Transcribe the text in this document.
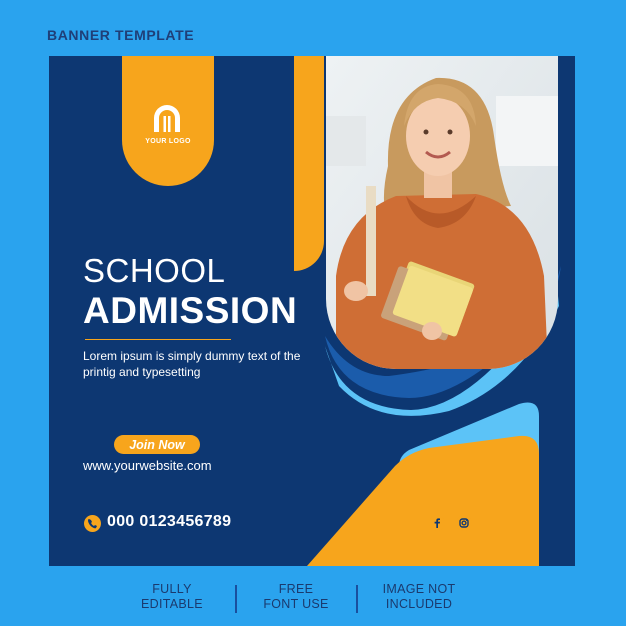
BANNER TEMPLATE
YOUR LOGO
SCHOOL
ADMISSION
Lorem ipsum is simply dummy text of the printig and typesetting
Join Now
www.yourwebsite.com
000 0123456789
FULLY
EDITABLE
FREE
FONT USE
IMAGE NOT
INCLUDED
